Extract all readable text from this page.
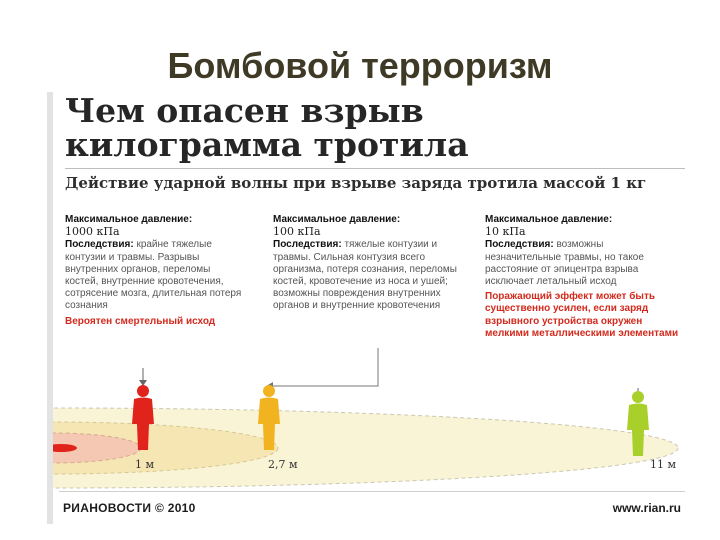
Бомбовой терроризм
Чем опасен взрыв
килограмма тротила
Действие ударной волны при взрыве заряда тротила массой 1 кг
Максимальное давление:
1000 кПа
Последствия: крайне тяжелые контузии и травмы. Разрывы внутренних органов, переломы костей, внутренние кровотечения, сотрясение мозга, длительная потеря сознания
Вероятен смертельный исход
Максимальное давление:
100 кПа
Последствия: тяжелые контузии и травмы. Сильная контузия всего организма, потеря сознания, переломы костей, кровотечение из носа и ушей; возможны повреждения внутренних органов и внутренние кровотечения
Максимальное давление:
10 кПа
Последствия: возможны незначительные травмы, но такое расстояние от эпицентра взрыва исключает летальный исход
Поражающий эффект может быть существенно усилен, если заряд взрывного устройства окружен мелкими металлическими элементами
1 м	2,7 м	11 м
РИАНОВОСТИ © 2010	www.rian.ru
